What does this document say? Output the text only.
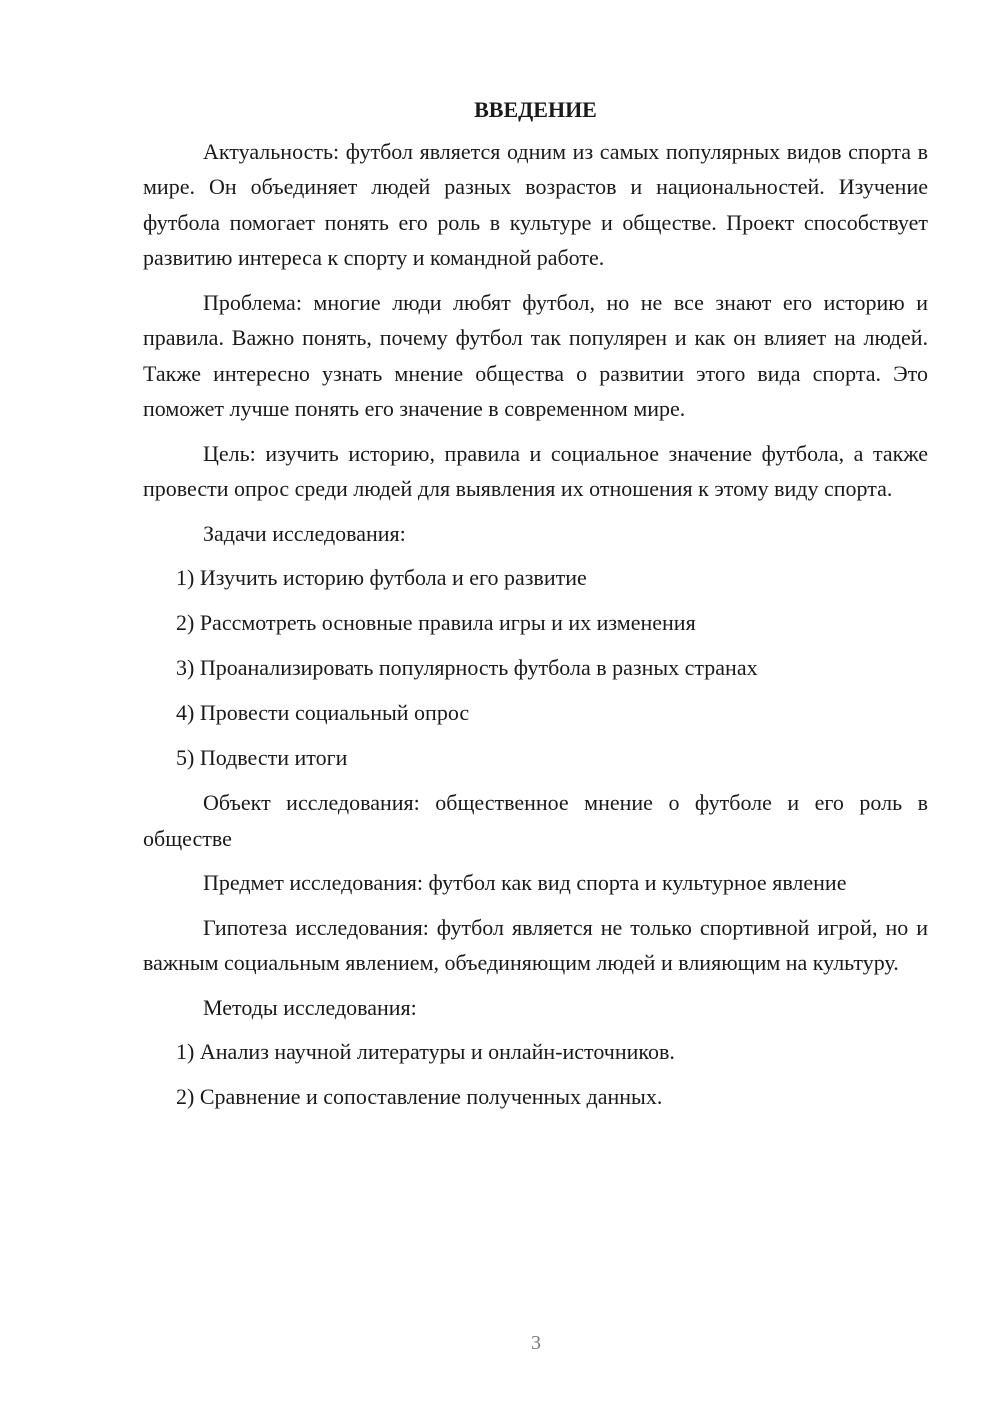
ВВЕДЕНИЕ

Актуальность: футбол является одним из самых популярных видов спорта в мире. Он объединяет людей разных возрастов и национальностей. Изучение футбола помогает понять его роль в культуре и обществе. Проект способствует развитию интереса к спорту и командной работе.

Проблема: многие люди любят футбол, но не все знают его историю и правила. Важно понять, почему футбол так популярен и как он влияет на людей. Также интересно узнать мнение общества о развитии этого вида спорта. Это поможет лучше понять его значение в современном мире.

Цель: изучить историю, правила и социальное значение футбола, а также провести опрос среди людей для выявления их отношения к этому виду спорта.

Задачи исследования:

1) Изучить историю футбола и его развитие
2) Рассмотреть основные правила игры и их изменения
3) Проанализировать популярность футбола в разных странах
4) Провести социальный опрос
5) Подвести итоги

Объект исследования: общественное мнение о футболе и его роль в обществе

Предмет исследования: футбол как вид спорта и культурное явление

Гипотеза исследования: футбол является не только спортивной игрой, но и важным социальным явлением, объединяющим людей и влияющим на культуру.

Методы исследования:

1) Анализ научной литературы и онлайн-источников.
2) Сравнение и сопоставление полученных данных.
3
